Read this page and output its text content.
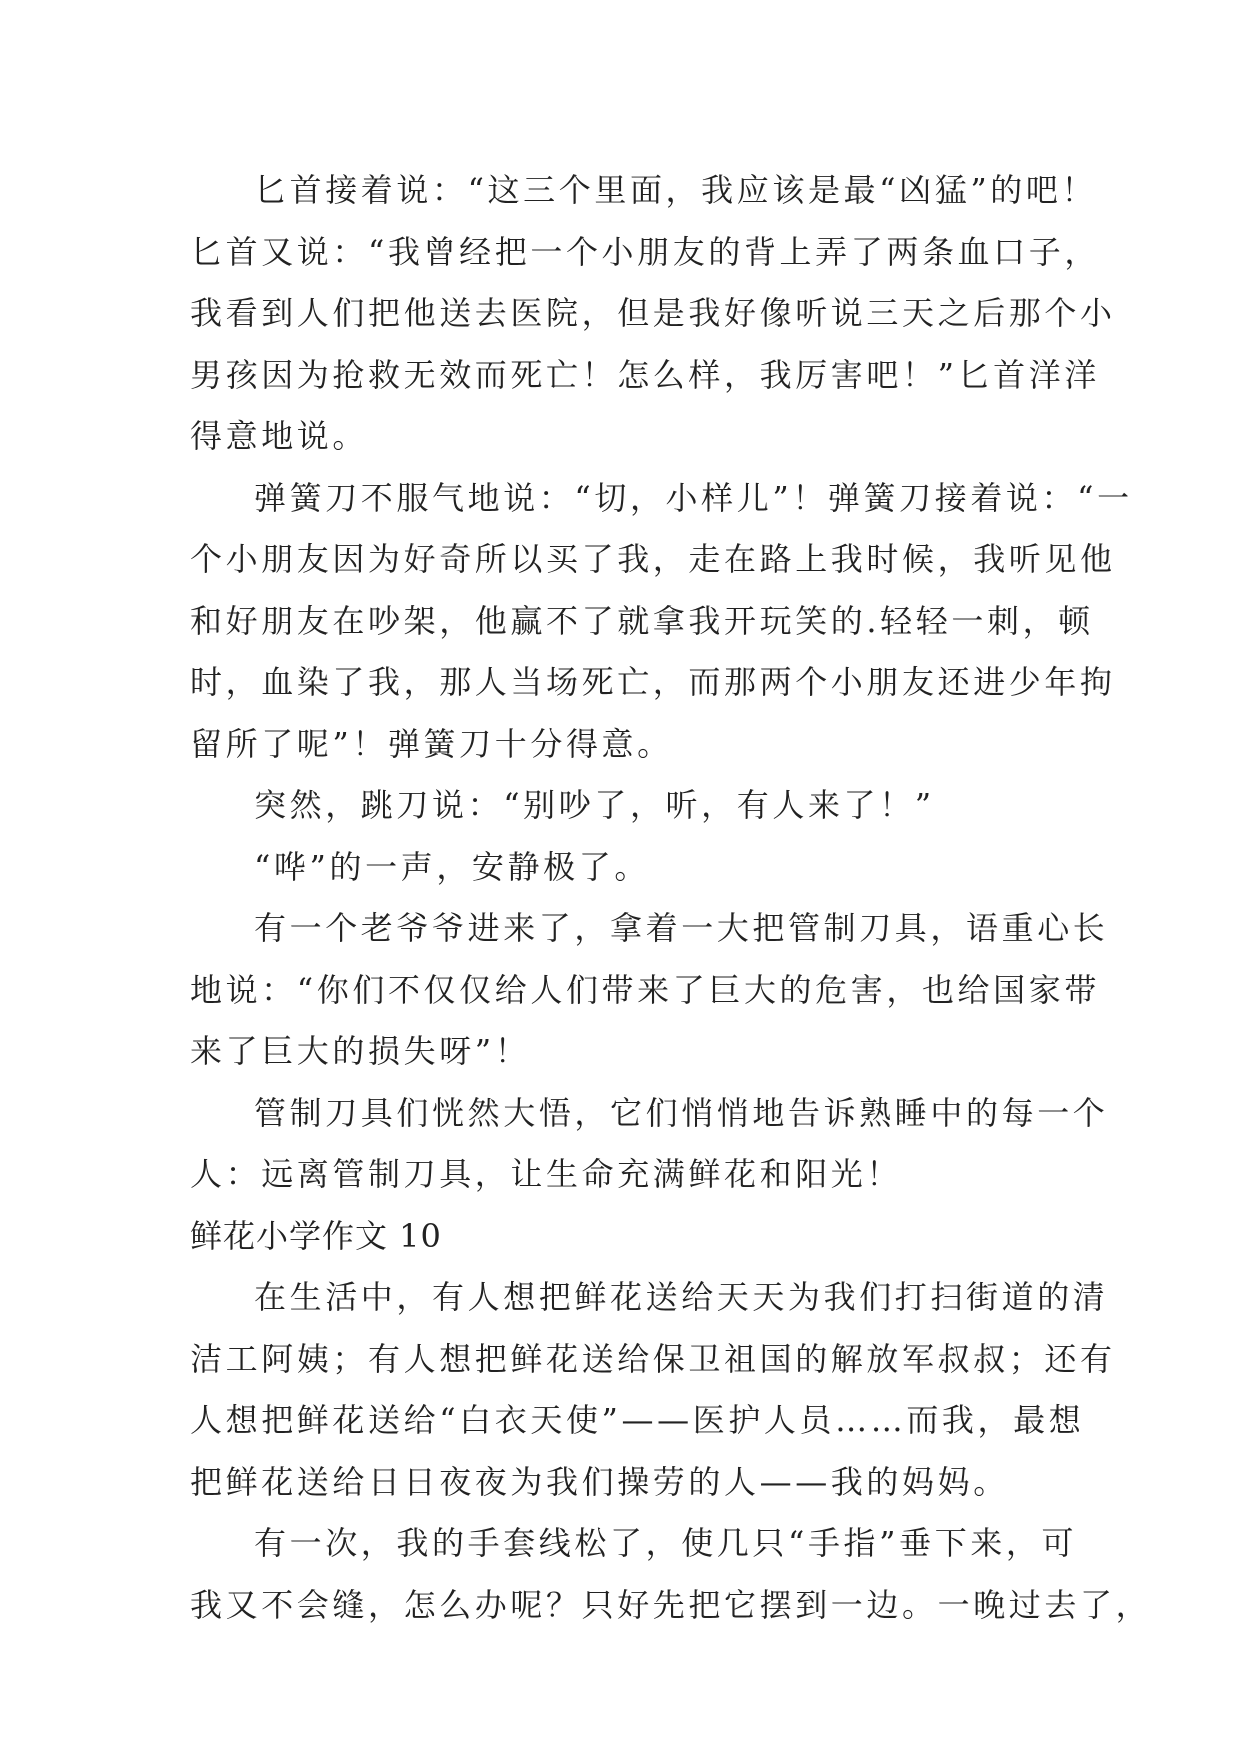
匕首接着说：“这三个里面，我应该是最“凶猛”的吧！
匕首又说：“我曾经把一个小朋友的背上弄了两条血口子，
我看到人们把他送去医院，但是我好像听说三天之后那个小
男孩因为抢救无效而死亡！怎么样，我厉害吧！”匕首洋洋
得意地说。
弹簧刀不服气地说：“切，小样儿”！弹簧刀接着说：“一
个小朋友因为好奇所以买了我，走在路上我时候，我听见他
和好朋友在吵架，他赢不了就拿我开玩笑的.轻轻一刺，顿
时，血染了我，那人当场死亡，而那两个小朋友还进少年拘
留所了呢”！弹簧刀十分得意。
突然，跳刀说：“别吵了，听，有人来了！”
“哗”的一声，安静极了。
有一个老爷爷进来了，拿着一大把管制刀具，语重心长
地说：“你们不仅仅给人们带来了巨大的危害，也给国家带
来了巨大的损失呀”！
管制刀具们恍然大悟，它们悄悄地告诉熟睡中的每一个
人：远离管制刀具，让生命充满鲜花和阳光！
鲜花小学作文 10
在生活中，有人想把鲜花送给天天为我们打扫街道的清
洁工阿姨；有人想把鲜花送给保卫祖国的解放军叔叔；还有
人想把鲜花送给“白衣天使”——医护人员……而我，最想
把鲜花送给日日夜夜为我们操劳的人——我的妈妈。
有一次，我的手套线松了，使几只“手指”垂下来，可
我又不会缝，怎么办呢？只好先把它摆到一边。一晚过去了，
